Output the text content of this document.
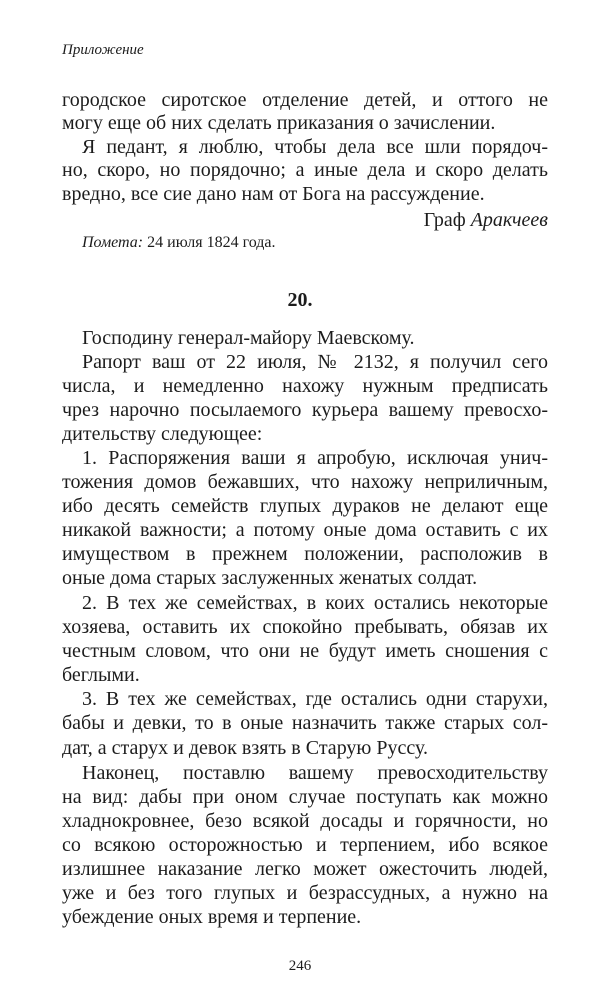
Приложение
городское сиротское отделение детей, и оттого не
могу еще об них сделать приказания о зачислении.
Я педант, я люблю, чтобы дела все шли порядоч-
но, скоро, но порядочно; а иные дела и скоро делать
вредно, все сие дано нам от Бога на рассуждение.
Граф Аракчеев
Помета: 24 июля 1824 года.
20.
Господину генерал-майору Маевскому.
Рапорт ваш от 22 июля, № 2132, я получил сего
числа, и немедленно нахожу нужным предписать
чрез нарочно посылаемого курьера вашему превосхо-
дительству следующее:
1. Распоряжения ваши я апробую, исключая унич-
тожения домов бежавших, что нахожу неприличным,
ибо десять семейств глупых дураков не делают еще
никакой важности; а потому оные дома оставить с их
имуществом в прежнем положении, расположив в
оные дома старых заслуженных женатых солдат.
2. В тех же семействах, в коих остались некоторые
хозяева, оставить их спокойно пребывать, обязав их
честным словом, что они не будут иметь сношения с
беглыми.
3. В тех же семействах, где остались одни старухи,
бабы и девки, то в оные назначить также старых сол-
дат, а старух и девок взять в Старую Руссу.
Наконец, поставлю вашему превосходительству
на вид: дабы при оном случае поступать как можно
хладнокровнее, безо всякой досады и горячности, но
со всякою осторожностью и терпением, ибо всякое
излишнее наказание легко может ожесточить людей,
уже и без того глупых и безрассудных, а нужно на
убеждение оных время и терпение.
246
